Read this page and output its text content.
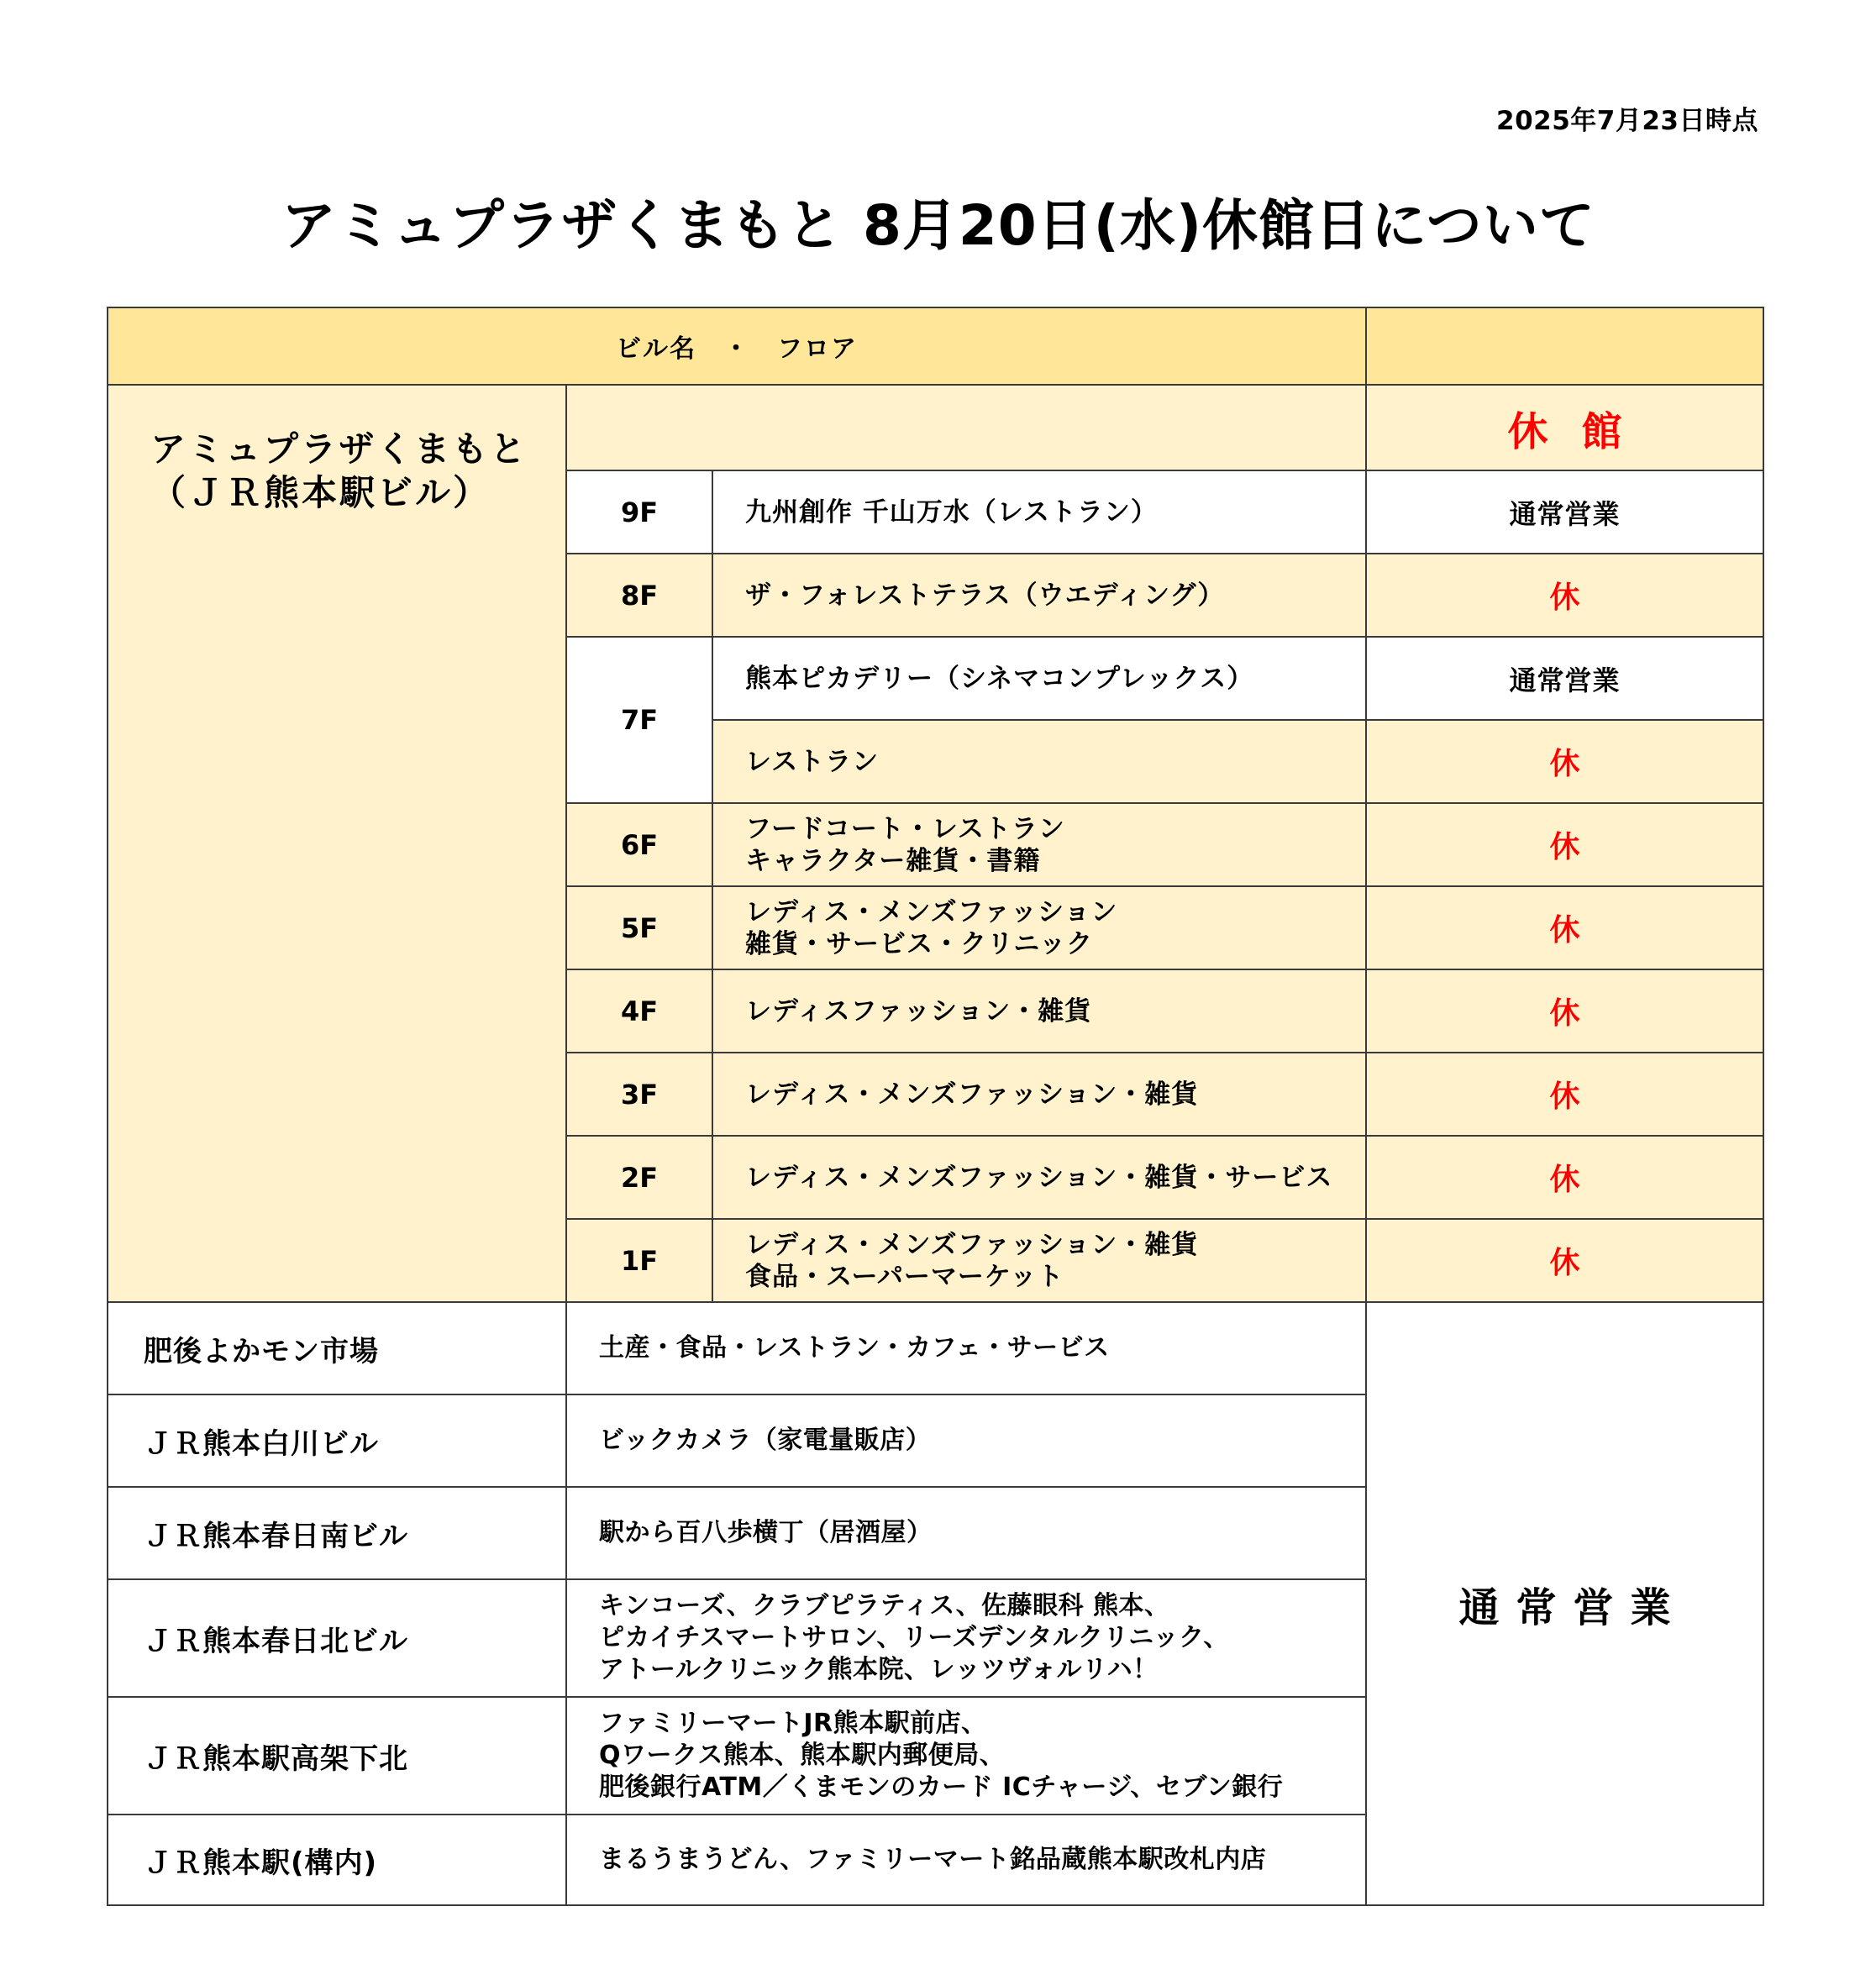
2025年7月23日時点
アミュプラザくまもと 8月20日(水)休館日について
ビル名　・　フロア			

アミュプラザくまもと
（ＪＲ熊本駅ビル）			休館
	9F	九州創作 千山万水（レストラン）	通常営業
	8F	ザ・フォレストテラス（ウエディング）	休
	7F	熊本ピカデリー（シネマコンプレックス）	通常営業

		レストラン	休
	6F	フードコート・レストラン
キャラクター雑貨・書籍	休
	5F	レディス・メンズファッション
雑貨・サービス・クリニック	休
	4F	レディスファッション・雑貨	休
	3F	レディス・メンズファッション・雑貨	休
	2F	レディス・メンズファッション・雑貨・サービス	休
	1F	レディス・メンズファッション・雑貨
食品・スーパーマーケット	休
肥後よかモン市場	土産・食品・レストラン・カフェ・サービス		通常営業
ＪＲ熊本白川ビル	ビックカメラ（家電量販店）		

ＪＲ熊本春日南ビル	駅から百八歩横丁（居酒屋）		

ＪＲ熊本春日北ビル	キンコーズ、クラブピラティス、佐藤眼科 熊本、
ピカイチスマートサロン、リーズデンタルクリニック、
アトールクリニック熊本院、レッツヴォルリハ！		

ＪＲ熊本駅高架下北	ファミリーマートJR熊本駅前店、
Qワークス熊本、熊本駅内郵便局、
肥後銀行ATM／くまモンのカード ICチャージ、セブン銀行		

ＪＲ熊本駅(構内)	まるうまうどん、ファミリーマート銘品蔵熊本駅改札内店		
